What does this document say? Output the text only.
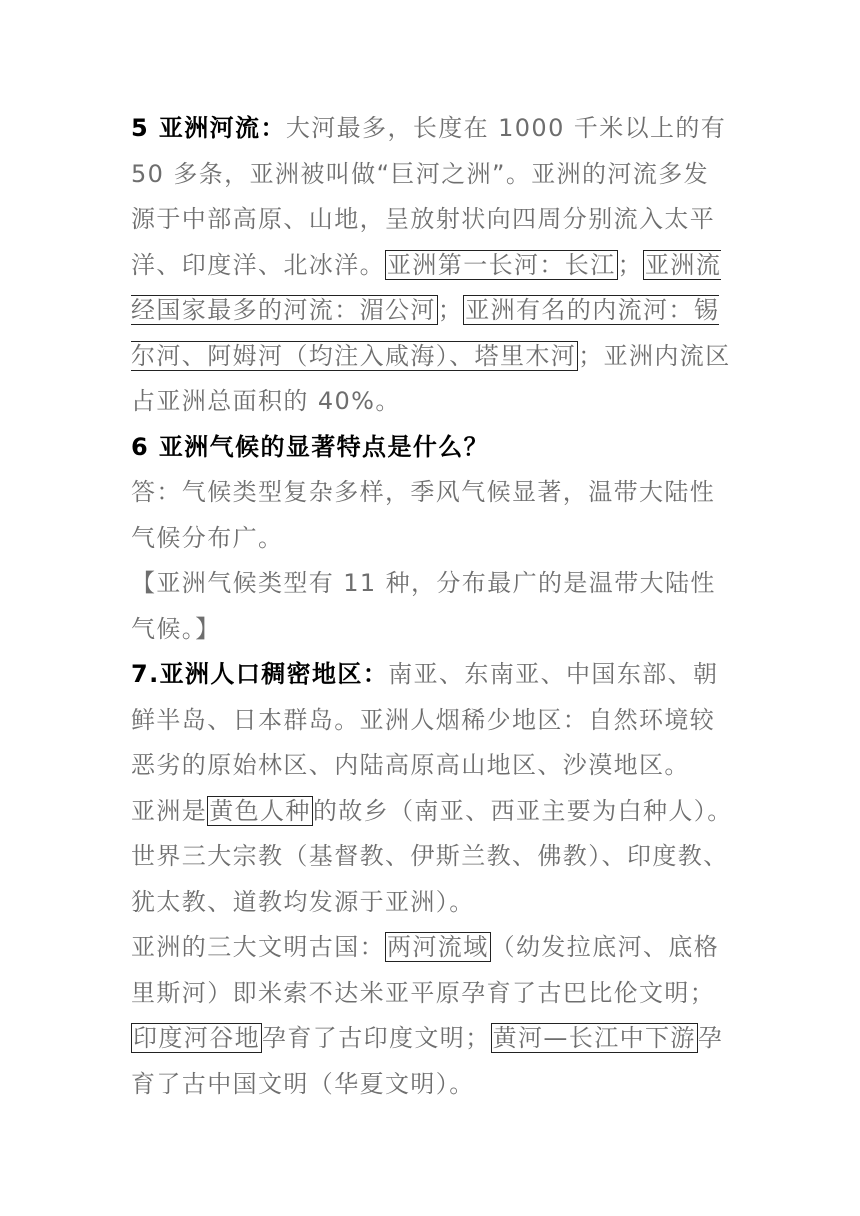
5 亚洲河流：大河最多，长度在 1000 千米以上的有 50 多条，亚洲被叫做“巨河之洲”。亚洲的河流多发源于中部高原、山地，呈放射状向四周分别流入太平洋、印度洋、北冰洋。亚洲第一长河：长江；亚洲流经国家最多的河流：湄公河；亚洲有名的内流河：锡尔河、阿姆河（均注入咸海）、塔里木河；亚洲内流区占亚洲总面积的 40%。

6 亚洲气候的显著特点是什么？

答：气候类型复杂多样，季风气候显著，温带大陆性气候分布广。

【亚洲气候类型有 11 种，分布最广的是温带大陆性气候。】

7.亚洲人口稠密地区：南亚、东南亚、中国东部、朝鲜半岛、日本群岛。亚洲人烟稀少地区：自然环境较恶劣的原始林区、内陆高原高山地区、沙漠地区。

亚洲是黄色人种的故乡（南亚、西亚主要为白种人）。

世界三大宗教（基督教、伊斯兰教、佛教）、印度教、犹太教、道教均发源于亚洲）。

亚洲的三大文明古国：两河流域（幼发拉底河、底格里斯河）即米索不达米亚平原孕育了古巴比伦文明；印度河谷地孕育了古印度文明；黄河—长江中下游孕育了古中国文明（华夏文明）。
